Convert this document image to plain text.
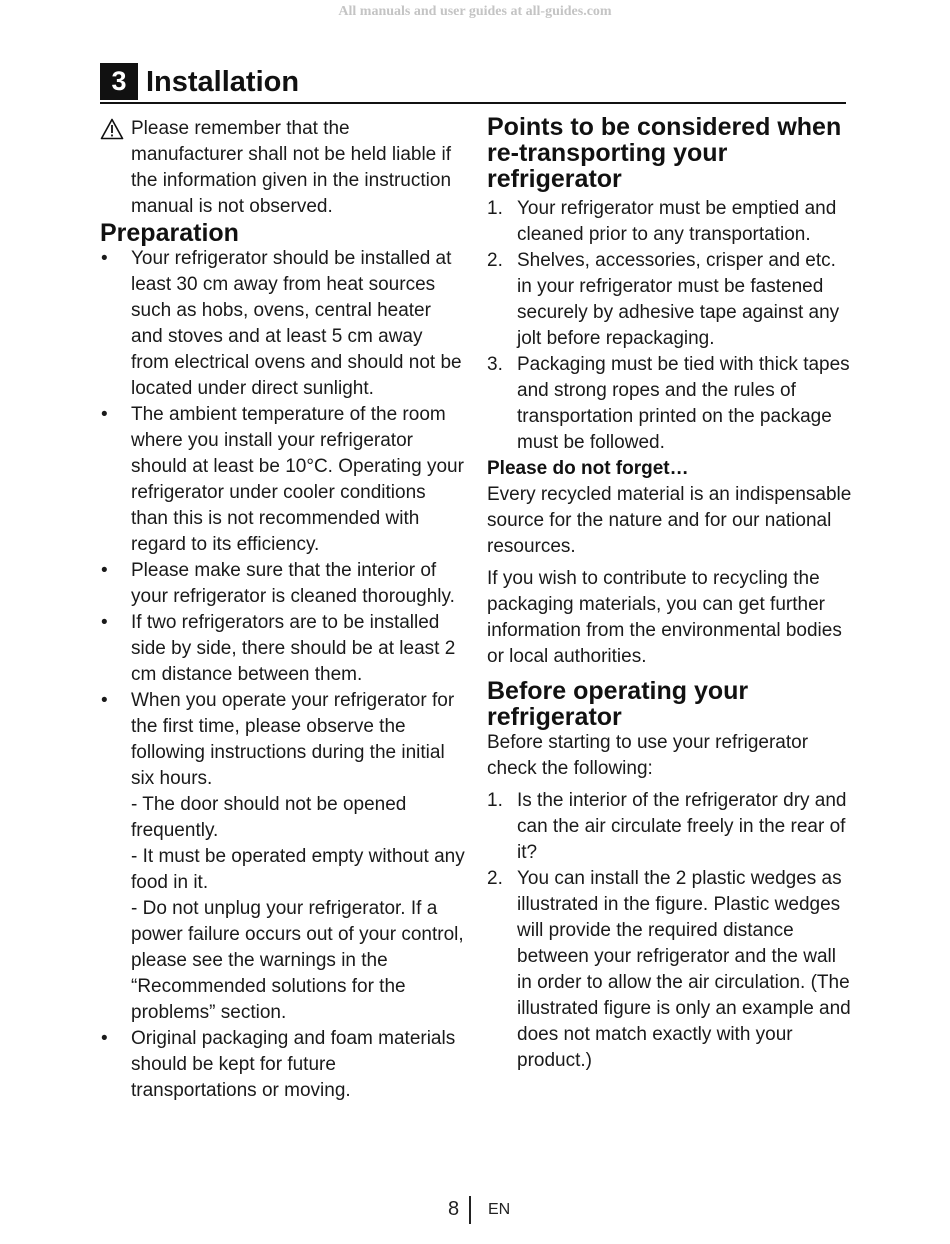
All manuals and user guides at all-guides.com
3 Installation
Please remember that the manufacturer shall not be held liable if the information given in the instruction manual is not observed.
Preparation
• Your refrigerator should be installed at least 30 cm away from heat sources such as hobs, ovens, central heater and stoves and at least 5 cm away from electrical ovens and should not be located under direct sunlight.
• The ambient temperature of the room where you install your refrigerator should at least be 10°C. Operating your refrigerator under cooler conditions than this is not recommended with regard to its efficiency.
• Please make sure that the interior of your refrigerator is cleaned thoroughly.
• If two refrigerators are to be installed side by side, there should be at least 2 cm distance between them.
• When you operate your refrigerator for the first time, please observe the following instructions during the initial six hours.
- The door should not be opened frequently.
- It must be operated empty without any food in it.
- Do not unplug your refrigerator. If a power failure occurs out of your control, please see the warnings in the “Recommended solutions for the problems” section.
• Original packaging and foam materials should be kept for future transportations or moving.
Points to be considered when re-transporting your refrigerator
1. Your refrigerator must be emptied and cleaned prior to any transportation.
2. Shelves, accessories, crisper and etc. in your refrigerator must be fastened securely by adhesive tape against any jolt before repackaging.
3. Packaging must be tied with thick tapes and strong ropes and the rules of transportation printed on the package must be followed.
Please do not forget…

Every recycled material is an indispensable source for the nature and for our national resources.

If you wish to contribute to recycling the packaging materials, you can get further information from the environmental bodies or local authorities.

Before operating your refrigerator

Before starting to use your refrigerator check the following:

1. Is the interior of the refrigerator dry and can the air circulate freely in the rear of it?
2. You can install the 2 plastic wedges as illustrated in the figure. Plastic wedges will provide the required distance between your refrigerator and the wall in order to allow the air circulation. (The illustrated figure is only an example and does not match exactly with your product.)
8 EN
